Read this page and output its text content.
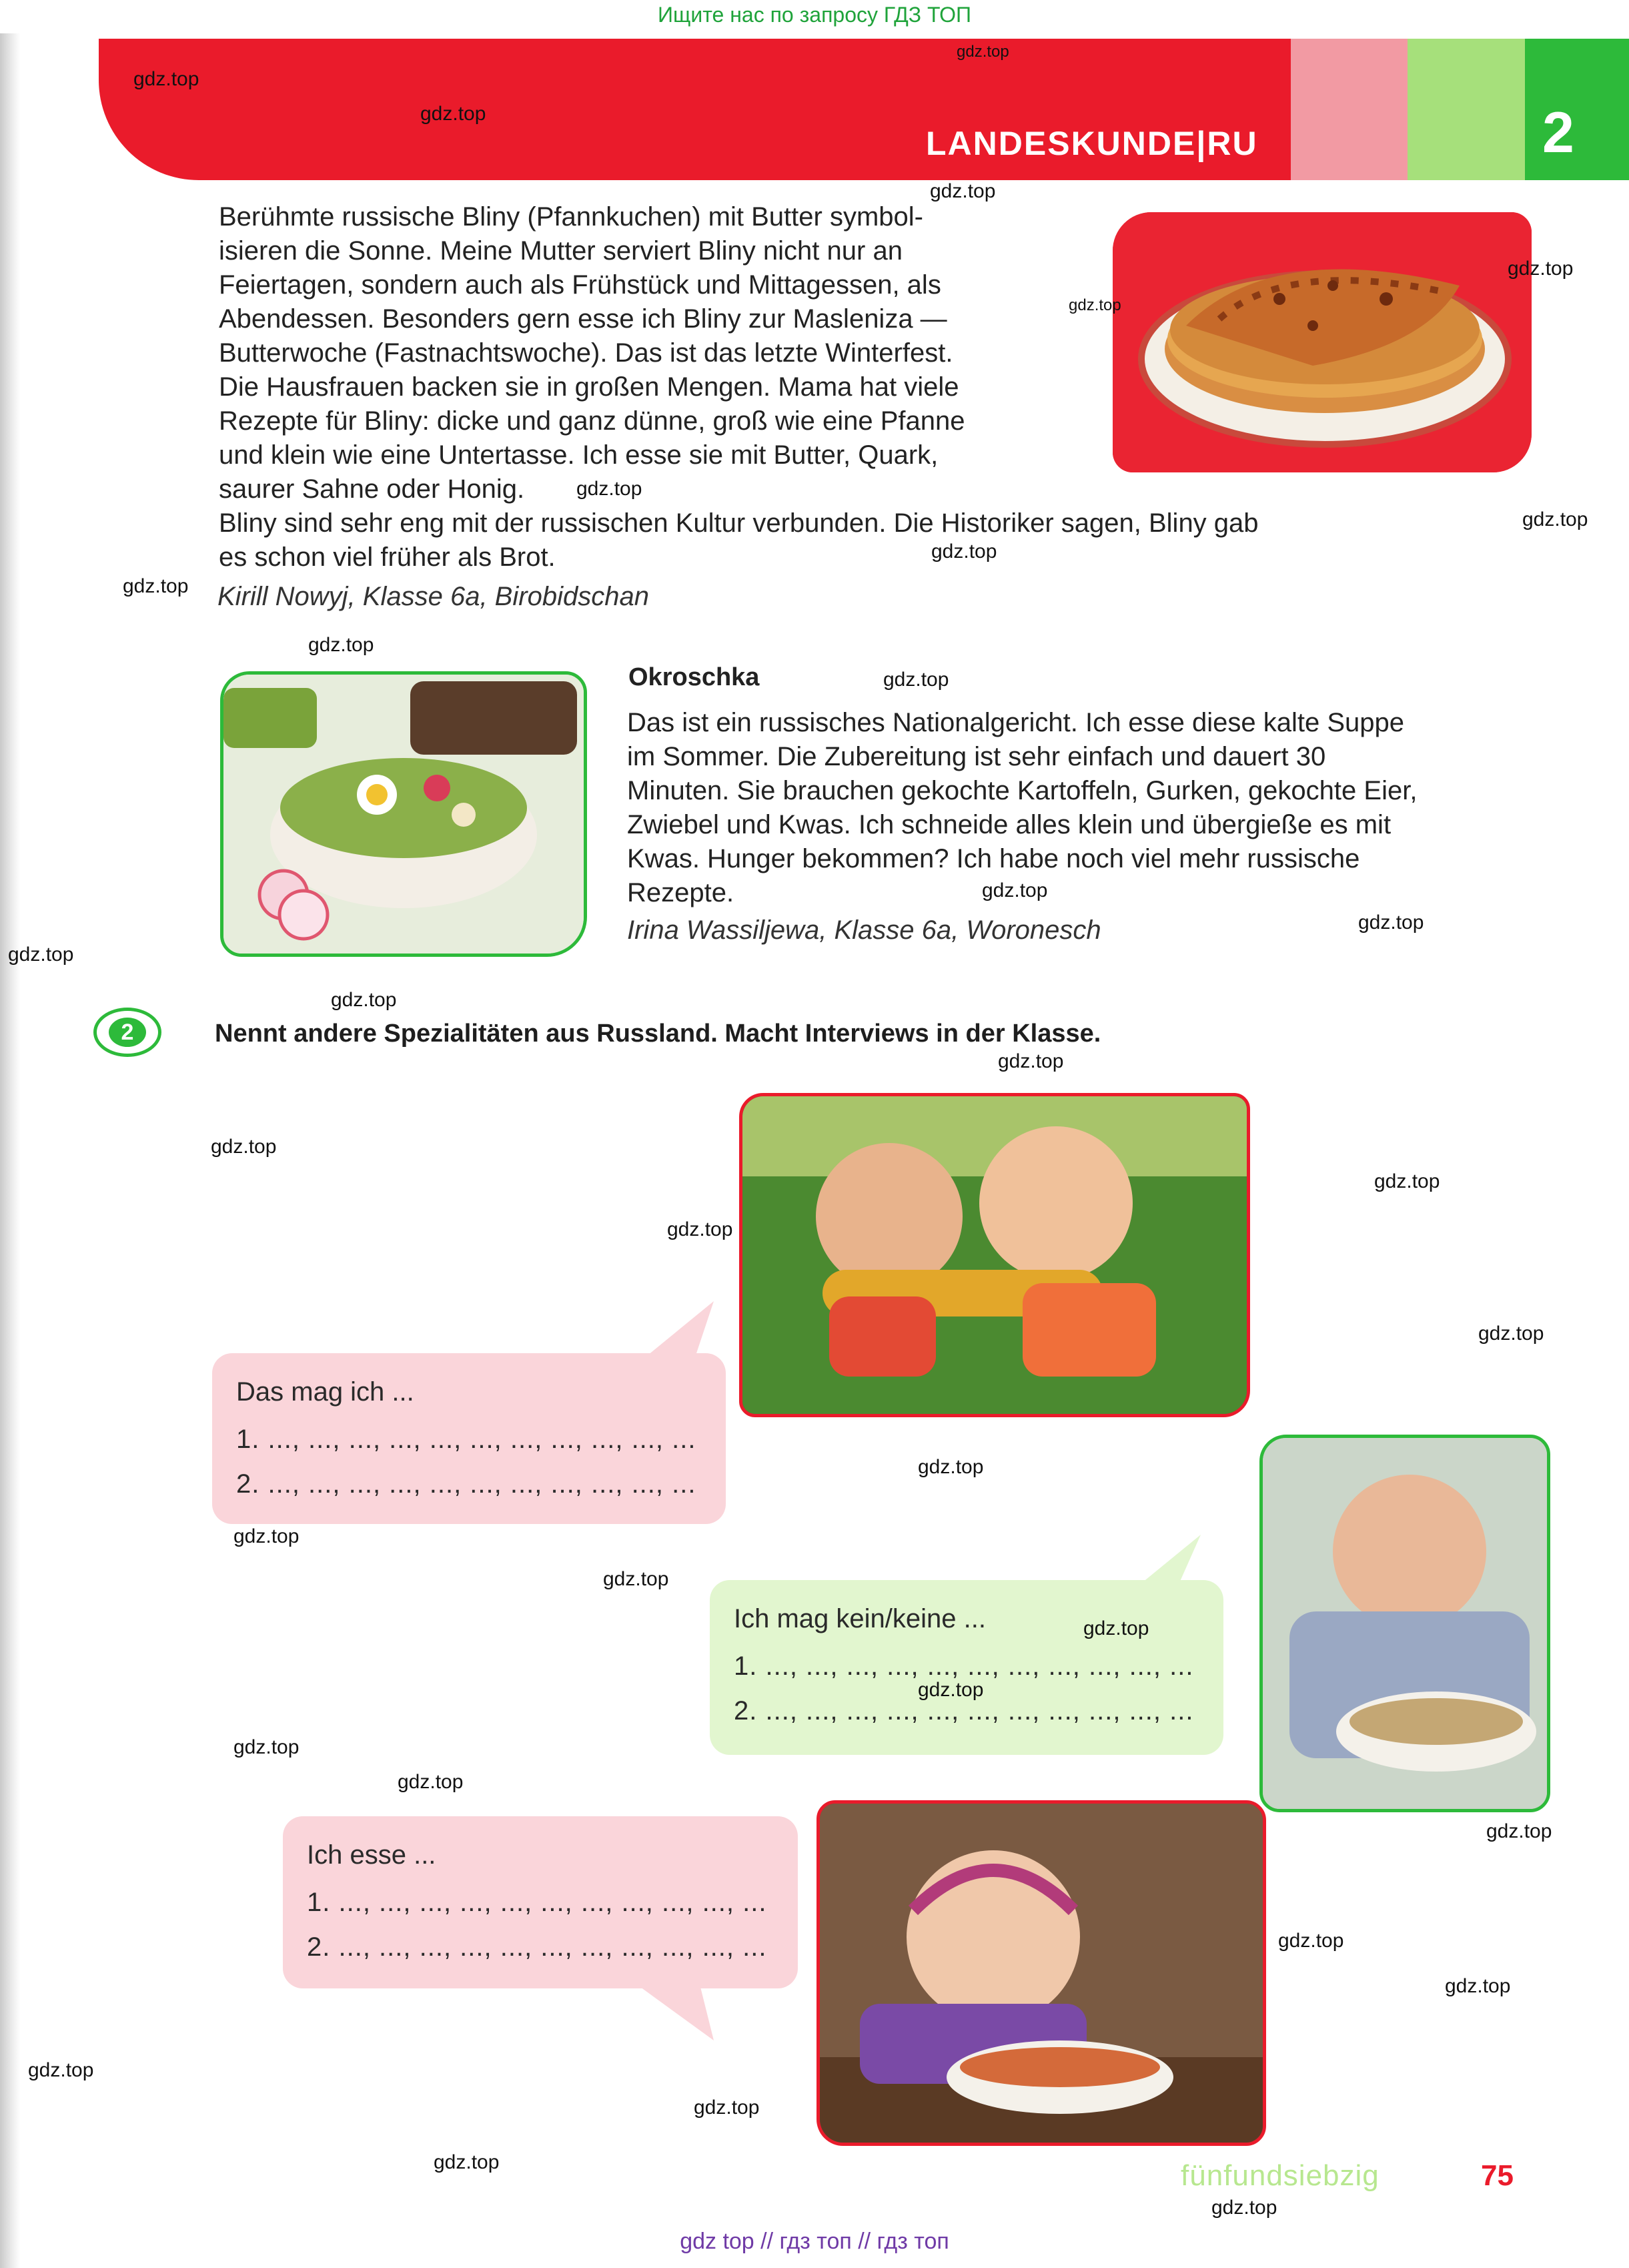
Ищите нас по запросу ГДЗ ТОП
LANDESKUNDE|RU	2

Berühmte russische Bliny (Pfannkuchen) mit Butter symbol-

isieren die Sonne. Meine Mutter serviert Bliny nicht nur an

Feiertagen, sondern auch als Frühstück und Mittagessen, als

Abendessen. Besonders gern esse ich Bliny zur Masleniza —

Butterwoche (Fastnachtswoche). Das ist das letzte Winterfest.

Die Hausfrauen backen sie in großen Mengen. Mama hat viele

Rezepte für Bliny: dicke und ganz dünne, groß wie eine Pfanne

und klein wie eine Untertasse. Ich esse sie mit Butter, Quark,

saurer Sahne oder Honig.

Bliny sind sehr eng mit der russischen Kultur verbunden. Die Historiker sagen, Bliny gab

es schon viel früher als Brot.

Kirill Nowyj, Klasse 6a, Birobidschan
Okroschka

Das ist ein russisches Nationalgericht. Ich esse diese kalte Suppe

im Sommer. Die Zubereitung ist sehr einfach und dauert 30

Minuten. Sie brauchen gekochte Kartoffeln, Gurken, gekochte Eier,

Zwiebel und Kwas. Ich schneide alles klein und übergieße es mit

Kwas. Hunger bekommen? Ich habe noch viel mehr russische

Rezepte.

Irina Wassiljewa, Klasse 6a, Woronesch
2	Nennt andere Spezialitäten aus Russland. Macht Interviews in der Klasse.
Das mag ich ...
1. ..., ..., ..., ..., ..., ..., ..., ..., ..., ..., ...
2. ..., ..., ..., ..., ..., ..., ..., ..., ..., ..., ...
Ich mag kein/keine ...
1. ..., ..., ..., ..., ..., ..., ..., ..., ..., ..., ...
2. ..., ..., ..., ..., ..., ..., ..., ..., ..., ..., ...
Ich esse ...
1. ..., ..., ..., ..., ..., ..., ..., ..., ..., ..., ...
2. ..., ..., ..., ..., ..., ..., ..., ..., ..., ..., ...
gdz.top
gdz.top
gdz.top
gdz.top
gdz.top
gdz.top
gdz.top
gdz.top
gdz.top
gdz.top
gdz.top
gdz.top
gdz.top
gdz.top
gdz.top
gdz.top
gdz.top
gdz.top
gdz.top
gdz.top
gdz.top
gdz.top
gdz.top
gdz.top
gdz.top
gdz.top
gdz.top
gdz.top
gdz.top
gdz.top
gdz.top
gdz.top
gdz.top
gdz.top
gdz.top
fünfundsiebzig	75
gdz top // гдз топ // гдз топ
